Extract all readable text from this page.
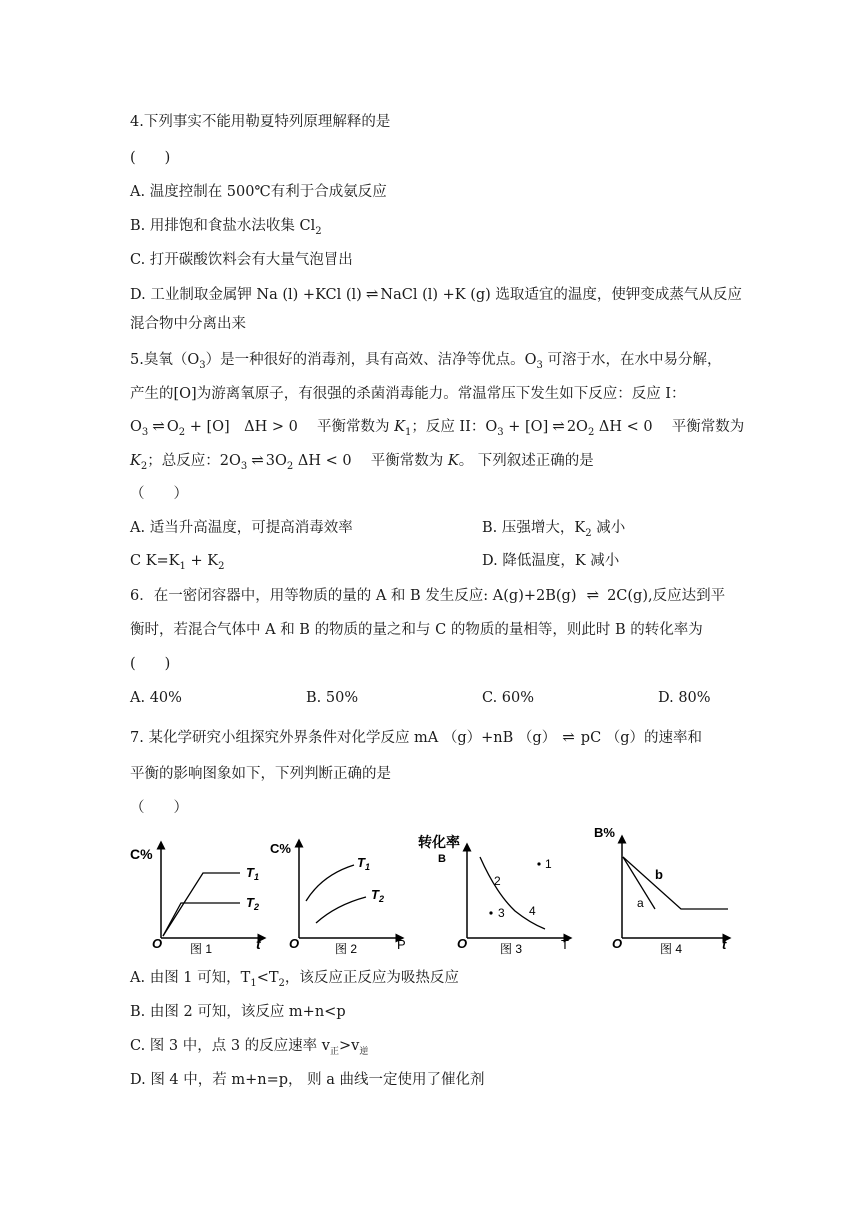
4.下列事实不能用勒夏特列原理解释的是
(　　)
A. 温度控制在 500℃有利于合成氨反应
B. 用排饱和食盐水法收集 $Cl_2$
C. 打开碳酸饮料会有大量气泡冒出
D. 工业制取金属钾 Na (l) +KCl (l) ⇌ NaCl (l) +K (g) 选取适宜的温度，使钾变成蒸气从反应
混合物中分离出来
5.臭氧$(O_3)$是一种很好的消毒剂，具有高效、洁净等优点。$O_3$ 可溶于水，在水中易分解，
产生的[O]为游离氧原子，有很强的杀菌消毒能力。常温常压下发生如下反应：反应 I：
$O_3$ ⇌ $O_2 + [O]$　ΔH > 0　 平衡常数为 $K_1$；反应 II：$O_3 + [O]$ ⇌ $2O_2$ ΔH < 0　 平衡常数为
$K_2$；总反应：$2O_3$ ⇌ $3O_2$ ΔH < 0　 平衡常数为 K。 下列叙述正确的是
（　　）
A. 适当升高温度，可提高消毒效率	B. 压强增大，$K_2$ 减小
C $K=K_1 + K_2$	D. 降低温度，K 减小
6．在一密闭容器中，用等物质的量的 A 和 B 发生反应: A(g)+2B(g) ⇌ 2C(g),反应达到平
衡时，若混合气体中 A 和 B 的物质的量之和与 C 的物质的量相等，则此时 B 的转化率为
(　　)
A. 40%	B. 50%	C. 60%	D. 80%
7. 某化学研究小组探究外界条件对化学反应 mA （g）+nB （g） ⇌ pC （g）的速率和
平衡的影响图象如下，下列判断正确的是
（　　）
C%
O	t
$T_1$
$T_2$
图 1
C%
O	P
$T_1$
$T_2$
图 2
转化率
B
O	T
1
2
3 4
图 3
B%
O	t
b
a
图 4
A. 由图 1 可知，$T_1<T_2$，该反应正反应为吸热反应
B. 由图 2 可知，该反应 m+n<p
C. 图 3 中，点 3 的反应速率 $v_正>v_逆$
D. 图 4 中，若 m+n=p， 则 a 曲线一定使用了催化剂
